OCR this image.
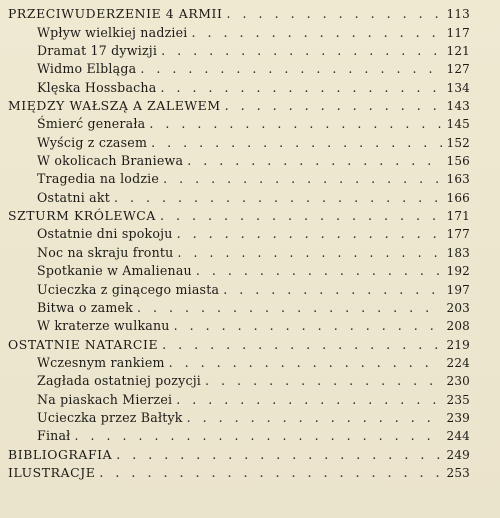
PRZECIWUDERZENIE 4 ARMII . . .	113
Wpływ wielkiej nadziei . . .	117
Dramat 17 dywizji . . .	121
Widmo Elbląga . . .	127
Klęska Hossbacha . . .	134
MIĘDZY WAŁSZĄ A ZALEWEM . . .	143
Śmierć generała . . .	145
Wyścig z czasem . . .	152
W okolicach Braniewa . . .	156
Tragedia na lodzie . . .	163
Ostatni akt . . .	166
SZTURM KRÓLEWCA . . .	171
Ostatnie dni spokoju . . .	177
Noc na skraju frontu . . .	183
Spotkanie w Amalienau . . .	192
Ucieczka z ginącego miasta . . .	197
Bitwa o zamek . . .	203
W kraterze wulkanu . . .	208
OSTATNIE NATARCIE . . .	219
Wczesnym rankiem . . .	224
Zagłada ostatniej pozycji . . .	230
Na piaskach Mierzei . . .	235
Ucieczka przez Bałtyk . . .	239
Finał . . .	244
BIBLIOGRAFIA . . .	249
ILUSTRACJE . . .	253
